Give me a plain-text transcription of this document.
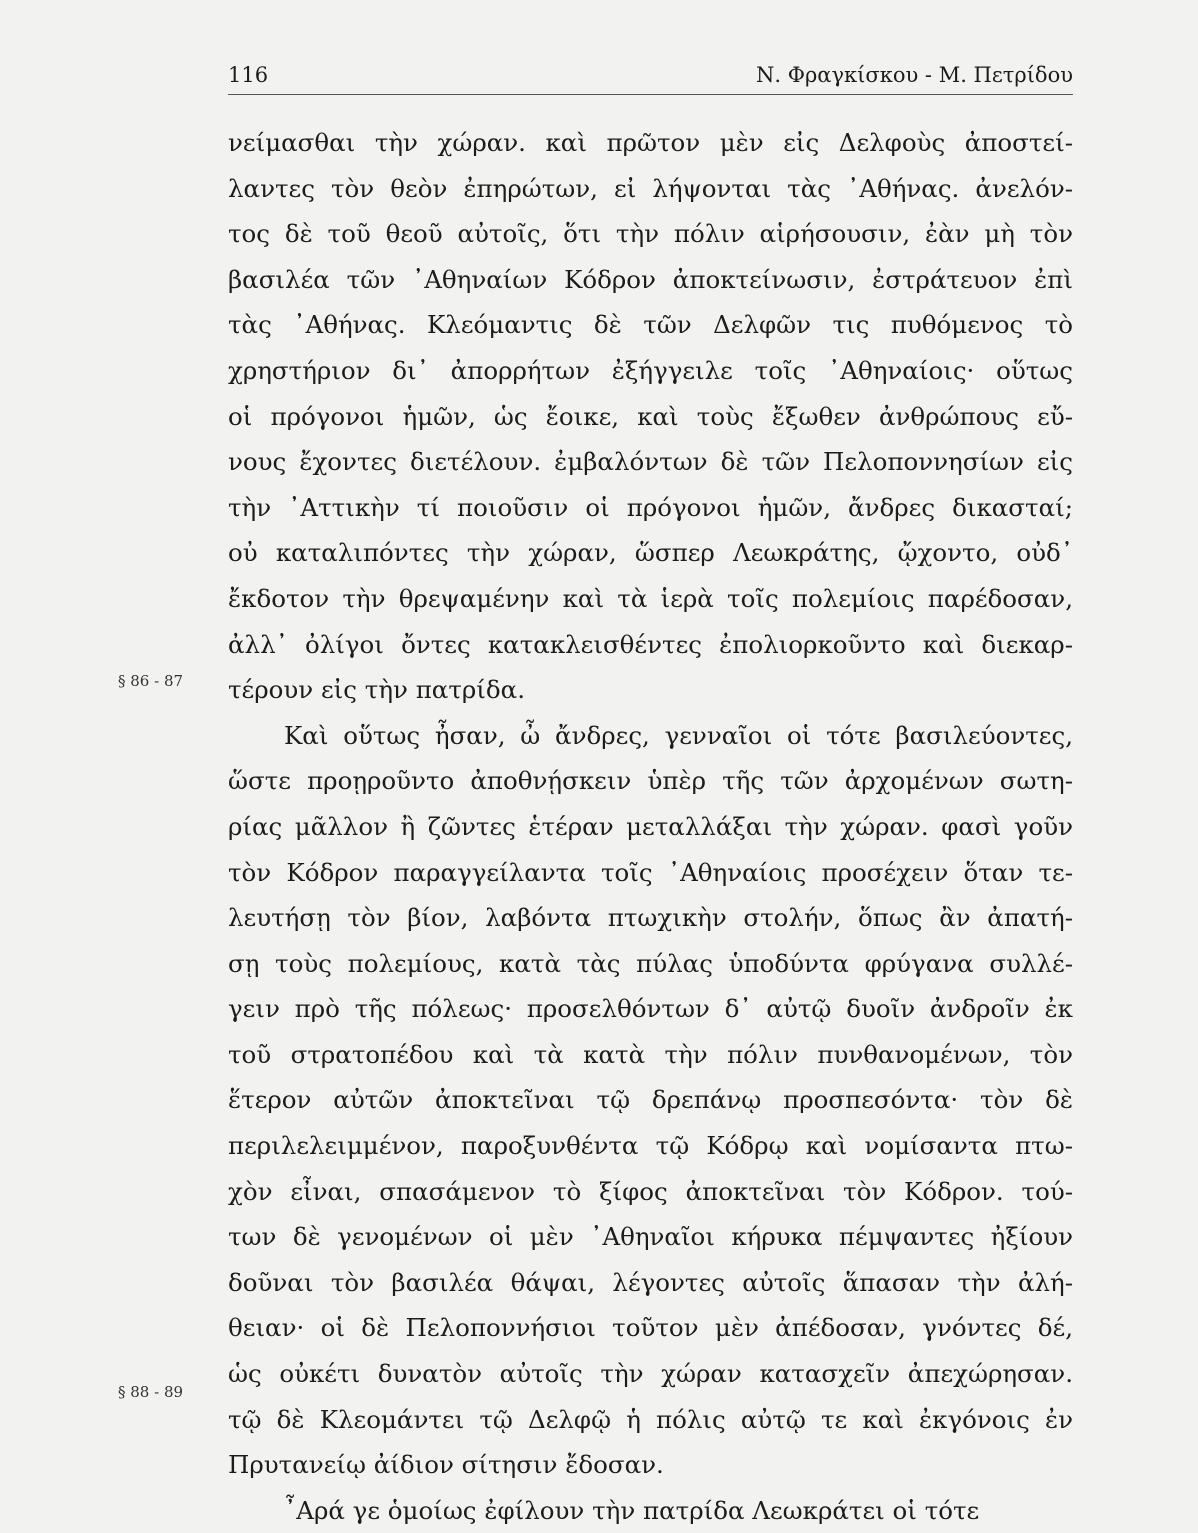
116	Ν. Φραγκίσκου - Μ. Πετρίδου
§ 86 - 87
§ 88 - 89
νείμασθαι τὴν χώραν. καὶ πρῶτον μὲν εἰς Δελφοὺς ἀποστεί-
λαντες τὸν θεὸν ἐπηρώτων, εἰ λήψονται τὰς ᾽Αθήνας. ἀνελόν-
τος δὲ τοῦ θεοῦ αὐτοῖς, ὅτι τὴν πόλιν αἱρήσουσιν, ἐὰν μὴ τὸν
βασιλέα τῶν ᾽Αθηναίων Κόδρον ἀποκτείνωσιν, ἐστράτευον ἐπὶ
τὰς ᾽Αθήνας. Κλεόμαντις δὲ τῶν Δελφῶν τις πυθόμενος τὸ
χρηστήριον δι᾽ ἀπορρήτων ἐξήγγειλε τοῖς ᾽Αθηναίοις· οὕτως
οἱ πρόγονοι ἡμῶν, ὡς ἔοικε, καὶ τοὺς ἔξωθεν ἀνθρώπους εὔ-
νους ἔχοντες διετέλουν. ἐμβαλόντων δὲ τῶν Πελοποννησίων εἰς
τὴν ᾽Αττικὴν τί ποιοῦσιν οἱ πρόγονοι ἡμῶν, ἄνδρες δικασταί;
οὐ καταλιπόντες τὴν χώραν, ὥσπερ Λεωκράτης, ᾤχοντο, οὐδ᾽
ἔκδοτον τὴν θρεψαμένην καὶ τὰ ἱερὰ τοῖς πολεμίοις παρέδοσαν,
ἀλλ᾽ ὀλίγοι ὄντες κατακλεισθέντες ἐπολιορκοῦντο καὶ διεκαρ-
τέρουν εἰς τὴν πατρίδα.
Καὶ οὕτως ἦσαν, ὦ ἄνδρες, γενναῖοι οἱ τότε βασιλεύοντες,
ὥστε προῃροῦντο ἀποθνῄσκειν ὑπὲρ τῆς τῶν ἀρχομένων σωτη-
ρίας μᾶλλον ἢ ζῶντες ἑτέραν μεταλλάξαι τὴν χώραν. φασὶ γοῦν
τὸν Κόδρον παραγγείλαντα τοῖς ᾽Αθηναίοις προσέχειν ὅταν τε-
λευτήσῃ τὸν βίον, λαβόντα πτωχικὴν στολήν, ὅπως ἂν ἀπατή-
σῃ τοὺς πολεμίους, κατὰ τὰς πύλας ὑποδύντα φρύγανα συλλέ-
γειν πρὸ τῆς πόλεως· προσελθόντων δ᾽ αὐτῷ δυοῖν ἀνδροῖν ἐκ
τοῦ στρατοπέδου καὶ τὰ κατὰ τὴν πόλιν πυνθανομένων, τὸν
ἕτερον αὐτῶν ἀποκτεῖναι τῷ δρεπάνῳ προσπεσόντα· τὸν δὲ
περιλελειμμένον, παροξυνθέντα τῷ Κόδρῳ καὶ νομίσαντα πτω-
χὸν εἶναι, σπασάμενον τὸ ξίφος ἀποκτεῖναι τὸν Κόδρον. τού-
των δὲ γενομένων οἱ μὲν ᾽Αθηναῖοι κήρυκα πέμψαντες ἠξίουν
δοῦναι τὸν βασιλέα θάψαι, λέγοντες αὐτοῖς ἅπασαν τὴν ἀλή-
θειαν· οἱ δὲ Πελοποννήσιοι τοῦτον μὲν ἀπέδοσαν, γνόντες δέ,
ὡς οὐκέτι δυνατὸν αὐτοῖς τὴν χώραν κατασχεῖν ἀπεχώρησαν.
τῷ δὲ Κλεομάντει τῷ Δελφῷ ἡ πόλις αὐτῷ τε καὶ ἐκγόνοις ἐν
Πρυτανείῳ ἀίδιον σίτησιν ἔδοσαν.
῏Αρά γε ὁμοίως ἐφίλουν τὴν πατρίδα Λεωκράτει οἱ τότε
